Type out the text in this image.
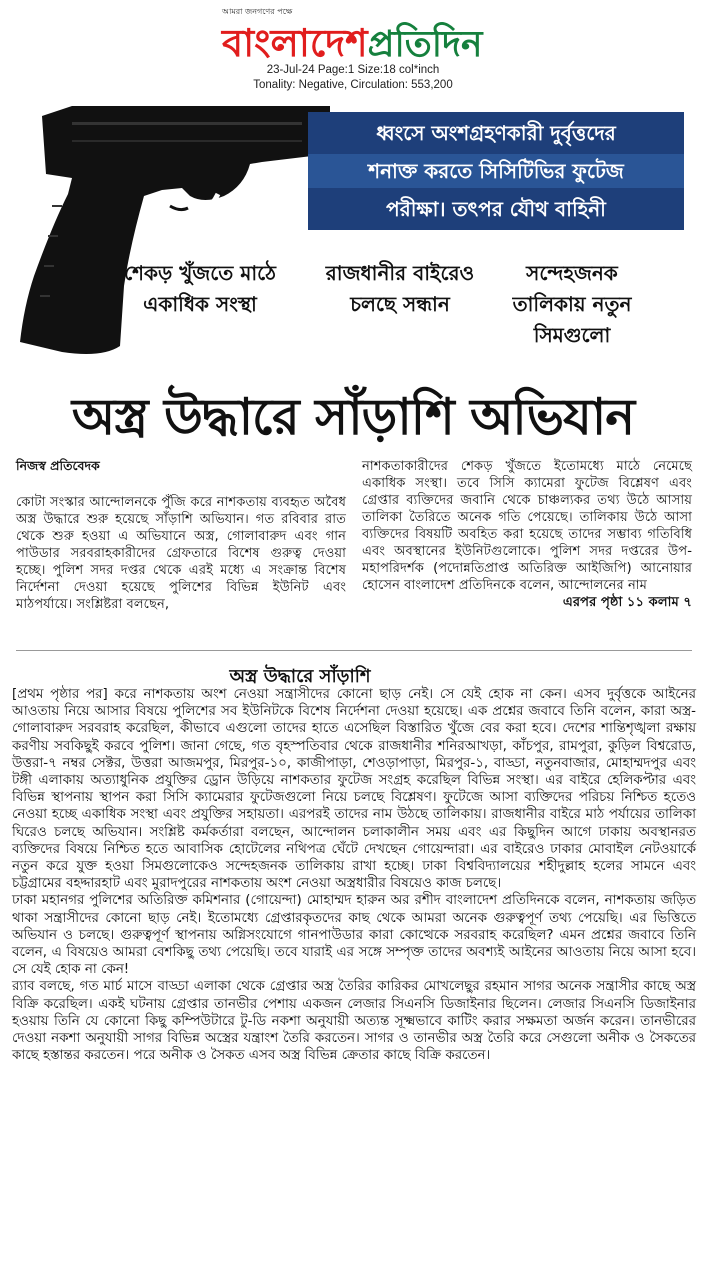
আমরা জনগণের পক্ষে
বাংলাদেশ প্রতিদিন
23-Jul-24 Page:1 Size:18 col*inch
Tonality: Negative, Circulation: 553,200
ধ্বংসে অংশগ্রহণকারী দুর্বৃত্তদের
শনাক্ত করতে সিসিটিভির ফুটেজ
পরীক্ষা। তৎপর যৌথ বাহিনী
শেকড় খুঁজতে মাঠে একাধিক সংস্থা
রাজধানীর বাইরেও চলছে সন্ধান
সন্দেহজনক তালিকায় নতুন সিমগুলো
অস্ত্র উদ্ধারে সাঁড়াশি অভিযান
নিজস্ব প্রতিবেদক
কোটা সংস্কার আন্দোলনকে পুঁজি করে নাশকতায় ব্যবহৃত অবৈধ অস্ত্র উদ্ধারে শুরু হয়েছে সাঁড়াশি অভিযান। গত রবিবার রাত থেকে শুরু হওয়া এ অভিযানে অস্ত্র, গোলাবারুদ এবং গান পাউডার সরবরাহকারীদের গ্রেফতারে বিশেষ গুরুত্ব দেওয়া হচ্ছে। পুলিশ সদর দপ্তর থেকে এরই মধ্যে এ সংক্রান্ত বিশেষ নির্দেশনা দেওয়া হয়েছে পুলিশের বিভিন্ন ইউনিট এবং মাঠপর্যায়ে। সংশ্লিষ্টরা বলছেন,
নাশকতাকারীদের শেকড় খুঁজতে ইতোমধ্যে মাঠে নেমেছে একাধিক সংস্থা। তবে সিসি ক্যামেরা ফুটেজ বিশ্লেষণ এবং গ্রেপ্তার ব্যক্তিদের জবানি থেকে চাঞ্চল্যকর তথ্য উঠে আসায় তালিকা তৈরিতে অনেক গতি পেয়েছে। তালিকায় উঠে আসা ব্যক্তিদের বিষয়টি অবহিত করা হয়েছে তাদের সম্ভাব্য গতিবিধি এবং অবস্থানের ইউনিটগুলোকে। পুলিশ সদর দপ্তরের উপ-মহাপরিদর্শক (পদোন্নতিপ্রাপ্ত অতিরিক্ত আইজিপি) আনোয়ার হোসেন বাংলাদেশ প্রতিদিনকে বলেন, আন্দোলনের নাম
এরপর পৃষ্ঠা ১১ কলাম ৭
অস্ত্র উদ্ধারে সাঁড়াশি

[প্রথম পৃষ্ঠার পর] করে নাশকতায় অংশ নেওয়া সন্ত্রাসীদের কোনো ছাড় নেই। সে যেই হোক না কেন। এসব দুর্বৃত্তকে আইনের আওতায় নিয়ে আসার বিষয়ে পুলিশের সব ইউনিটকে বিশেষ নির্দেশনা দেওয়া হয়েছে। এক প্রশ্নের জবাবে তিনি বলেন, কারা অস্ত্র-গোলাবারুদ সরবরাহ করেছিল, কীভাবে এগুলো তাদের হাতে এসেছিল বিস্তারিত খুঁজে বের করা হবে। দেশের শান্তিশৃঙ্খলা রক্ষায় করণীয় সবকিছুই করবে পুলিশ। জানা গেছে, গত বৃহস্পতিবার থেকে রাজধানীর শনিরআখড়া, কাঁচপুর, রামপুরা, কুড়িল বিশ্বরোড, উত্তরা-৭ নম্বর সেক্টর, উত্তরা আজমপুর, মিরপুর-১০, কাজীপাড়া, শেওড়াপাড়া, মিরপুর-১, বাড্ডা, নতুনবাজার, মোহাম্মদপুর এবং টঙ্গী এলাকায় অত্যাধুনিক প্রযুক্তির ড্রোন উড়িয়ে নাশকতার ফুটেজ সংগ্রহ করেছিল বিভিন্ন সংস্থা। এর বাইরে হেলিকপ্টার এবং বিভিন্ন স্থাপনায় স্থাপন করা সিসি ক্যামেরার ফুটেজগুলো নিয়ে চলছে বিশ্লেষণ। ফুটেজে আসা ব্যক্তিদের পরিচয় নিশ্চিত হতেও নেওয়া হচ্ছে একাধিক সংস্থা এবং প্রযুক্তির সহায়তা। এরপরই তাদের নাম উঠছে তালিকায়। রাজধানীর বাইরে মাঠ পর্যায়ের তালিকা ঘিরেও চলছে অভিযান। সংশ্লিষ্ট কর্মকর্তারা বলছেন, আন্দোলন চলাকালীন সময় এবং এর কিছুদিন আগে ঢাকায় অবস্থানরত ব্যক্তিদের বিষয়ে নিশ্চিত হতে আবাসিক হোটেলের নথিপত্র ঘেঁটে দেখছেন গোয়েন্দারা। এর বাইরেও ঢাকার মোবাইল নেটওয়ার্কে নতুন করে যুক্ত হওয়া সিমগুলোকেও সন্দেহজনক তালিকায় রাখা হচ্ছে। ঢাকা বিশ্ববিদ্যালয়ের শহীদুল্লাহ হলের সামনে এবং চট্টগ্রামের বহদ্দারহাট এবং মুরাদপুরের নাশকতায় অংশ নেওয়া অস্ত্রধারীর বিষয়েও কাজ চলছে।

ঢাকা মহানগর পুলিশের অতিরিক্ত কমিশনার (গোয়েন্দা) মোহাম্মদ হারুন অর রশীদ বাংলাদেশ প্রতিদিনকে বলেন, নাশকতায় জড়িত থাকা সন্ত্রাসীদের কোনো ছাড় নেই। ইতোমধ্যে গ্রেপ্তারকৃতদের কাছ থেকে আমরা অনেক গুরুত্বপূর্ণ তথ্য পেয়েছি। এর ভিত্তিতে অভিযান ও চলছে। গুরুত্বপূর্ণ স্থাপনায় অগ্নিসংযোগে গানপাউডার কারা কোত্থেকে সরবরাহ করেছিল? এমন প্রশ্নের জবাবে তিনি বলেন, এ বিষয়েও আমরা বেশকিছু তথ্য পেয়েছি। তবে যারাই এর সঙ্গে সম্পৃক্ত তাদের অবশ্যই আইনের আওতায় নিয়ে আসা হবে। সে যেই হোক না কেন!

র‌্যাব বলছে, গত মার্চ মাসে বাড্ডা এলাকা থেকে গ্রেপ্তার অস্ত্র তৈরির কারিকর মোখলেছুর রহমান সাগর অনেক সন্ত্রাসীর কাছে অস্ত্র বিক্রি করেছিল। একই ঘটনায় গ্রেপ্তার তানভীর পেশায় একজন লেজার সিএনসি ডিজাইনার ছিলেন। লেজার সিএনসি ডিজাইনার হওয়ায় তিনি যে কোনো কিছু কম্পিউটারে টু-ডি নকশা অনুযায়ী অত্যন্ত সূক্ষ্মভাবে কাটিং করার সক্ষমতা অর্জন করেন। তানভীরের দেওয়া নকশা অনুযায়ী সাগর বিভিন্ন অস্ত্রের যন্ত্রাংশ তৈরি করতেন। সাগর ও তানভীর অস্ত্র তৈরি করে সেগুলো অনীক ও সৈকতের কাছে হস্তান্তর করতেন। পরে অনীক ও সৈকত এসব অস্ত্র বিভিন্ন ক্রেতার কাছে বিক্রি করতেন।
